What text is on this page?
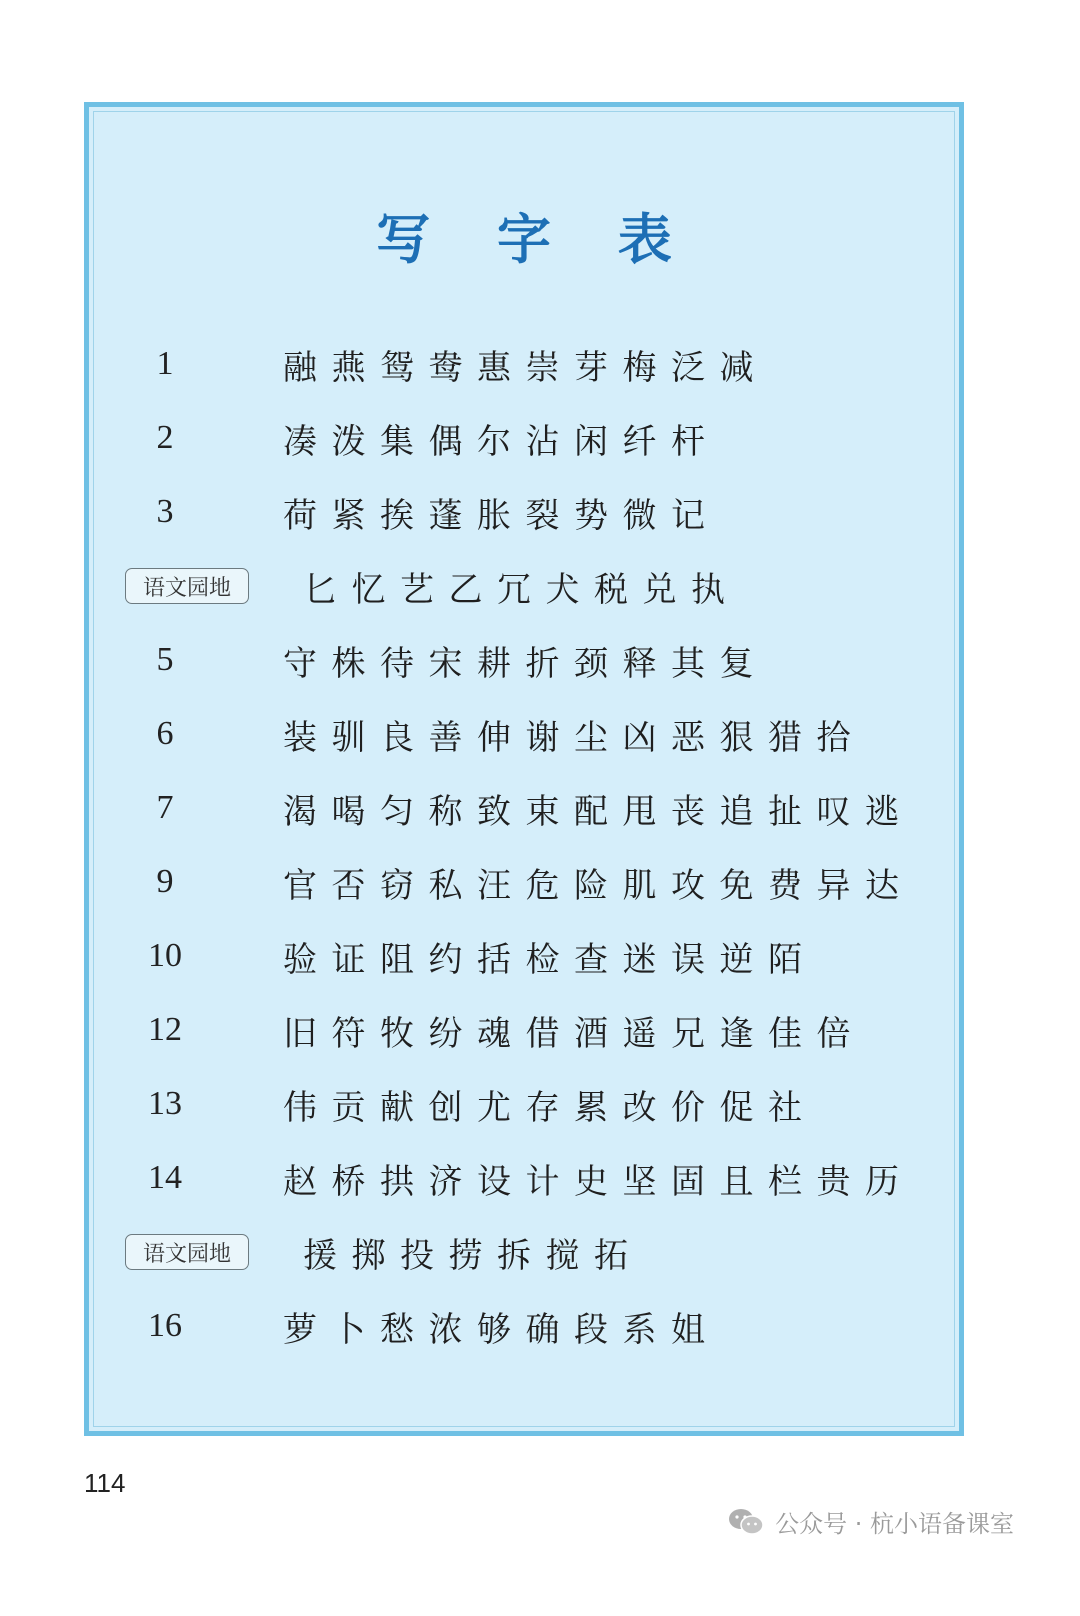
写 字 表
1	融燕鸳鸯惠崇芽梅泛减
2	凑泼集偶尔沾闲纤杆
3	荷紧挨蓬胀裂势微记
语文园地	匕忆艺乙冗犬税兑执
5	守株待宋耕折颈释其复
6	装驯良善伸谢尘凶恶狠猎拾
7	渴喝匀称致束配甩丧追扯叹逃
9	官否窃私汪危险肌攻免费异达
10	验证阻约括检查迷误逆陌
12	旧符牧纷魂借酒遥兄逢佳倍
13	伟贡献创尤存累改价促社
14	赵桥拱济设计史坚固且栏贵历
语文园地	援掷投捞拆搅拓
16	萝卜愁浓够确段系姐
114
公众号 · 杭小语备课室
